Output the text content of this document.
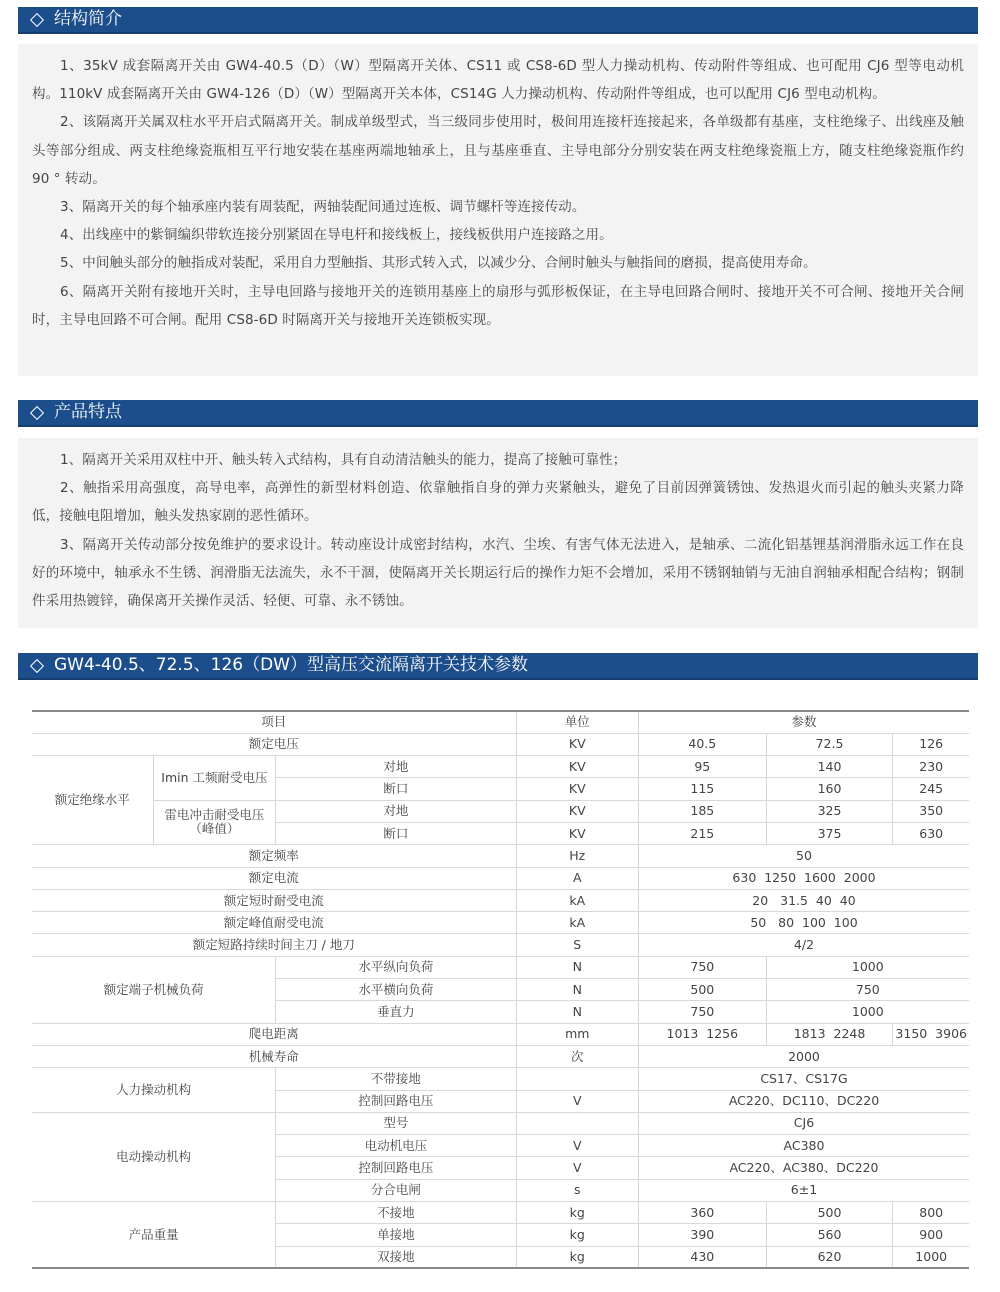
结构简介

1、35kV 成套隔离开关由 GW4-40.5（D）（W）型隔离开关体、CS11 或 CS8-6D 型人力操动机构、传动附件等组成、也可配用 CJ6 型等电动机构。110kV 成套隔离开关由 GW4-126（D）（W）型隔离开关本体，CS14G 人力操动机构、传动附件等组成，也可以配用 CJ6 型电动机构。

2、该隔离开关属双柱水平开启式隔离开关。制成单级型式，当三级同步使用时，极间用连接杆连接起来，各单级都有基座，支柱绝缘子、出线座及触头等部分组成、两支柱绝缘瓷瓶相互平行地安装在基座两端地轴承上，且与基座垂直、主导电部分分别安装在两支柱绝缘瓷瓶上方，随支柱绝缘瓷瓶作约 90 ° 转动。

3、隔离开关的每个轴承座内装有周装配，两轴装配间通过连板、调节螺杆等连接传动。

4、出线座中的紫铜编织带软连接分别紧固在导电杆和接线板上，接线板供用户连接路之用。

5、中间触头部分的触指成对装配，采用自力型触指、其形式转入式，以减少分、合闸时触头与触指间的磨损，提高使用寿命。

6、隔离开关附有接地开关时，主导电回路与接地开关的连锁用基座上的扇形与弧形板保证，在主导电回路合闸时、接地开关不可合闸、接地开关合闸时，主导电回路不可合闸。配用 CS8-6D 时隔离开关与接地开关连锁板实现。

产品特点

1、隔离开关采用双柱中开、触头转入式结构，具有自动清洁触头的能力，提高了接触可靠性；

2、触指采用高强度，高导电率，高弹性的新型材料创造、依靠触指自身的弹力夹紧触头，避免了目前因弹簧锈蚀、发热退火而引起的触头夹紧力降低，接触电阻增加，触头发热家剧的恶性循环。

3、隔离开关传动部分按免维护的要求设计。转动座设计成密封结构，水汽、尘埃、有害气体无法进入，是轴承、二流化铝基锂基润滑脂永远工作在良好的环境中，轴承永不生锈、润滑脂无法流失，永不干涸，使隔离开关长期运行后的操作力矩不会增加，采用不锈钢轴销与无油自润轴承相配合结构；钢制件采用热镀锌，确保离开关操作灵活、轻便、可靠、永不锈蚀。

GW4-40.5、72.5、126（DW）型高压交流隔离开关技术参数
项目			单位	参数		
额定电压			KV	40.5	72.5	126
额定绝缘水平	Imin 工频耐受电压	对地	KV	95	140	230
		断口	KV	115	160	245
	雷电冲击耐受电压（峰值）	对地	KV	185	325	350
		断口	KV	215	375	630
额定频率			Hz	50		
额定电流			A	630  1250  1600  2000		
额定短时耐受电流			kA	20   31.5  40  40		
额定峰值耐受电流			kA	50   80  100  100		
额定短路持续时间主刀 / 地刀			S	4/2		
额定端子机械负荷		水平纵向负荷	N	750	1000	
		水平横向负荷	N	500	750	
		垂直力	N	750	1000	
爬电距离			mm	1013  1256	1813  2248	3150  3906
机械寿命			次	2000		
人力操动机构		不带接地		CS17、CS17G		
		控制回路电压	V	AC220、DC110、DC220		
电动操动机构		型号		CJ6		
		电动机电压	V	AC380		
		控制回路电压	V	AC220、AC380、DC220		
		分合电闸	s	6±1		
产品重量		不接地	kg	360	500	800
		单接地	kg	390	560	900
		双接地	kg	430	620	1000
